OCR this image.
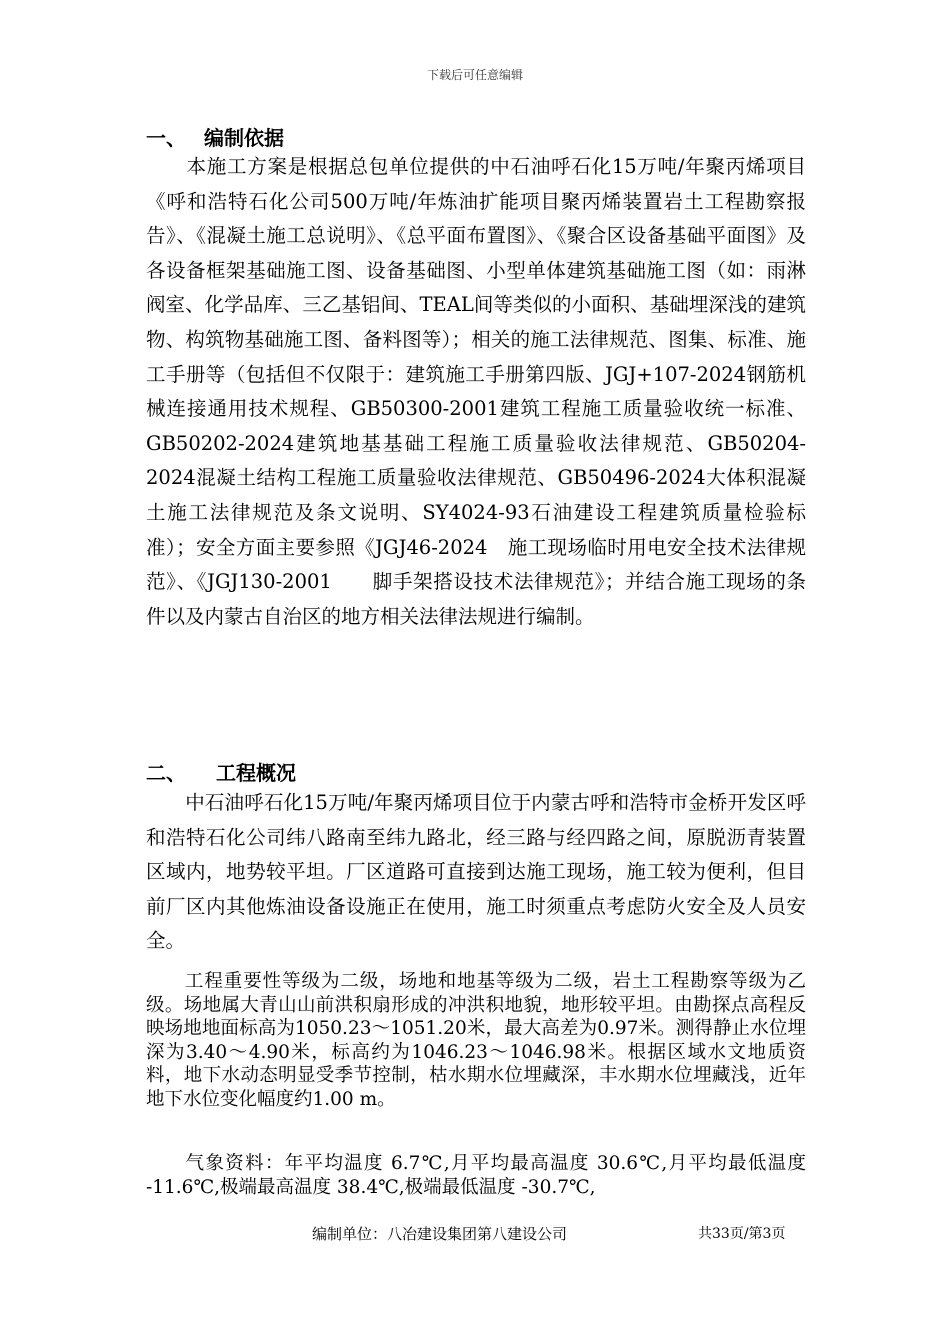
下载后可任意编辑
一、 编制依据

　　本施工方案是根据总包单位提供的中石油呼石化15万吨/年聚丙烯项目《呼和浩特石化公司500万吨/年炼油扩能项目聚丙烯装置岩土工程勘察报告》、《混凝土施工总说明》、《总平面布置图》、《聚合区设备基础平面图》及各设备框架基础施工图、设备基础图、小型单体建筑基础施工图（如：雨淋阀室、化学品库、三乙基铝间、TEAL间等类似的小面积、基础埋深浅的建筑物、构筑物基础施工图、备料图等）；相关的施工法律规范、图集、标准、施工手册等（包括但不仅限于：建筑施工手册第四版、JGJ+107-2024钢筋机械连接通用技术规程、GB50300-2001建筑工程施工质量验收统一标准、GB50202-2024建筑地基基础工程施工质量验收法律规范、GB50204-2024混凝土结构工程施工质量验收法律规范、GB50496-2024大体积混凝土施工法律规范及条文说明、SY4024-93石油建设工程建筑质量检验标准）；安全方面主要参照《JGJ46-2024　施工现场临时用电安全技术法律规范》、《JGJ130-2001　　脚手架搭设技术法律规范》；并结合施工现场的条件以及内蒙古自治区的地方相关法律法规进行编制。

二、 工程概况

　　中石油呼石化15万吨/年聚丙烯项目位于内蒙古呼和浩特市金桥开发区呼和浩特石化公司纬八路南至纬九路北，经三路与经四路之间，原脱沥青装置区域内，地势较平坦。厂区道路可直接到达施工现场，施工较为便利，但目前厂区内其他炼油设备设施正在使用，施工时须重点考虑防火安全及人员安全。

　　工程重要性等级为二级，场地和地基等级为二级，岩土工程勘察等级为乙级。场地属大青山山前洪积扇形成的冲洪积地貌，地形较平坦。由勘探点高程反映场地地面标高为1050.23～1051.20米，最大高差为0.97米。测得静止水位埋深为3.40～4.90米，标高约为1046.23～1046.98米。根据区域水文地质资料，地下水动态明显受季节控制，枯水期水位埋藏深，丰水期水位埋藏浅，近年地下水位变化幅度约1.00 m。

　　气象资料：年平均温度 6.7℃,月平均最高温度 30.6℃,月平均最低温度 -11.6℃,极端最高温度 38.4℃,极端最低温度 -30.7℃,

编制单位：八冶建设集团第八建设公司	共33页/第3页
